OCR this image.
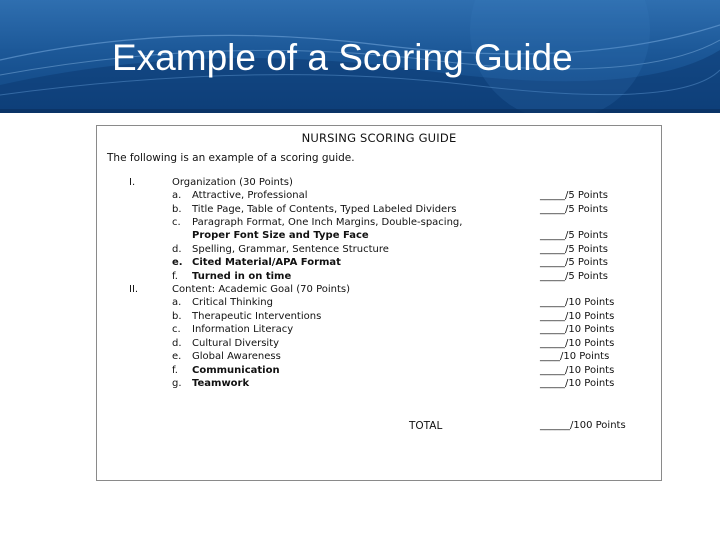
Example of a Scoring Guide
NURSING SCORING GUIDE
The following is an example of a scoring guide.
I.	Organization (30 Points)
a. Attractive, Professional	_____/5 Points
b. Title Page, Table of Contents, Typed Labeled Dividers	_____/5 Points
c. Paragraph Format, One Inch Margins, Double-spacing,
Proper Font Size and Type Face	_____/5 Points
d. Spelling, Grammar, Sentence Structure	_____/5 Points
e. Cited Material/APA Format	_____/5 Points
f. Turned in on time	_____/5 Points
II.	Content: Academic Goal (70 Points)
a. Critical Thinking	_____/10 Points
b. Therapeutic Interventions	_____/10 Points
c. Information Literacy	_____/10 Points
d. Cultural Diversity	_____/10 Points
e. Global Awareness	____/10 Points
f. Communication	_____/10 Points
g. Teamwork	_____/10 Points
TOTAL	______/100 Points
